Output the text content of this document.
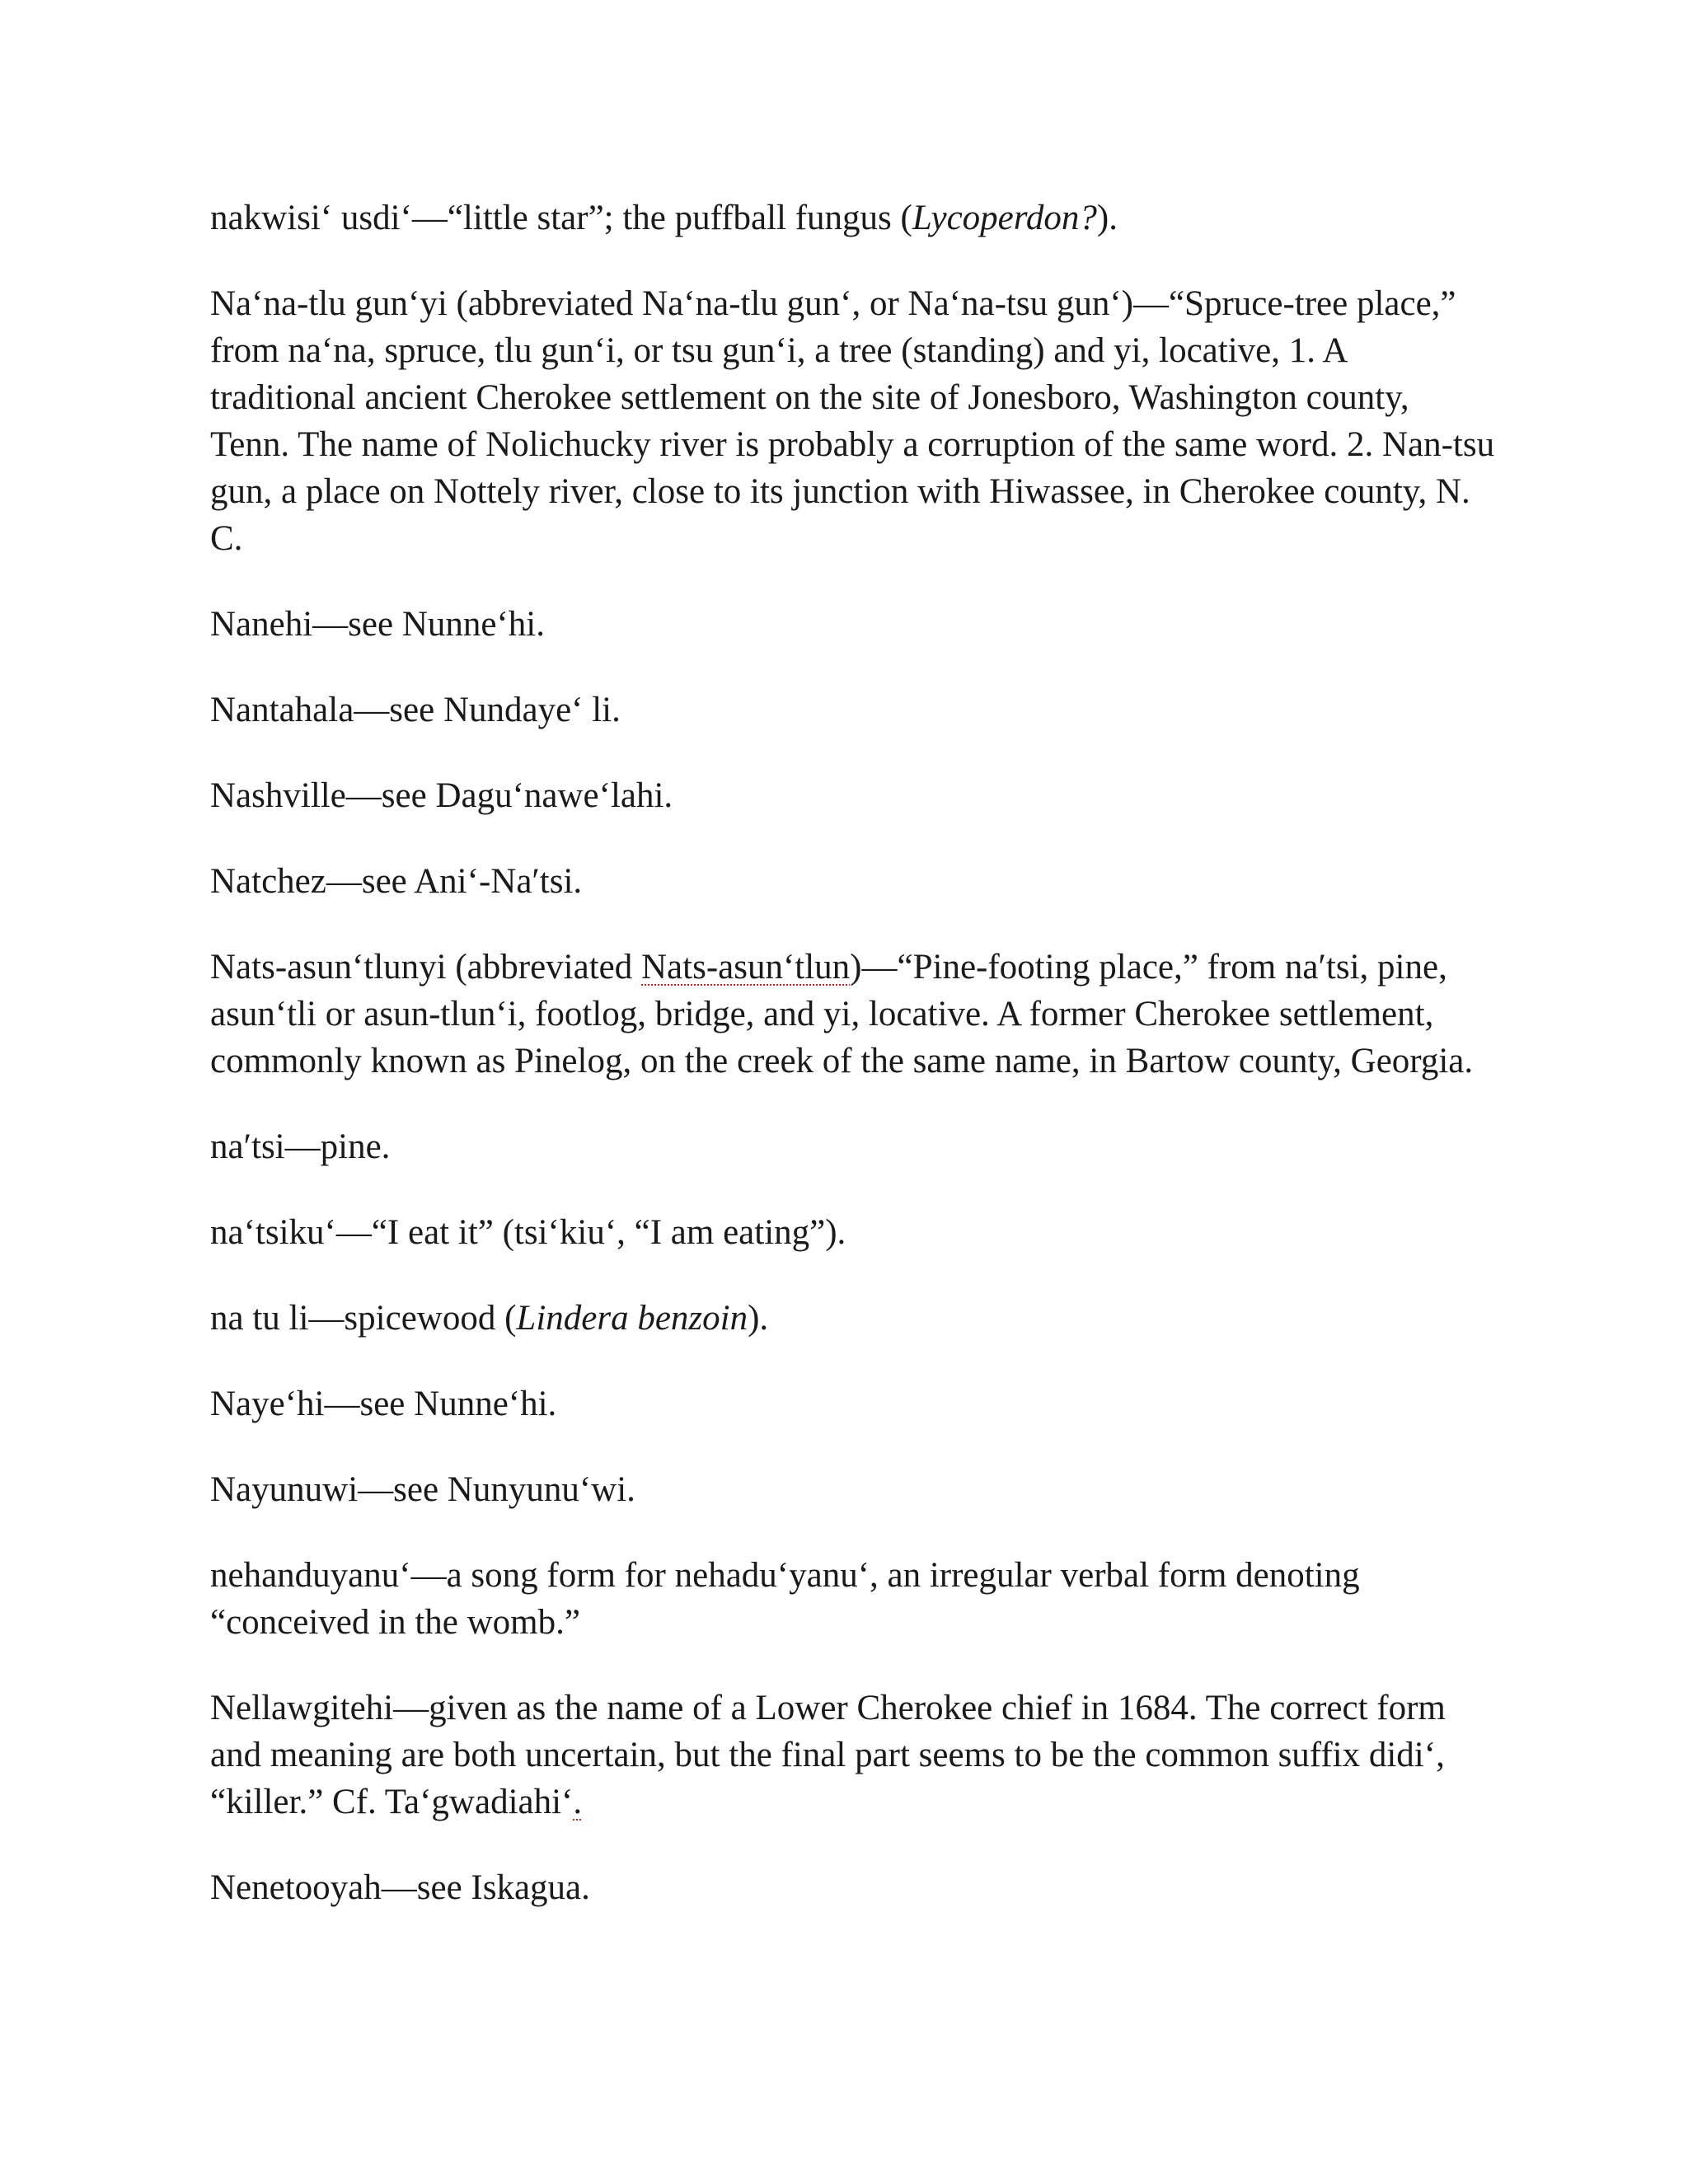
nakwisi‘ usdi‘—“little star”; the puffball fungus (Lycoperdon?).

Na‘na-tlu gun‘yi (abbreviated Na‘na-tlu gun‘, or Na‘na-tsu gun‘)—“Spruce-tree place,” from na‘na, spruce, tlu gun‘i, or tsu gun‘i, a tree (standing) and yi, locative, 1. A traditional ancient Cherokee settlement on the site of Jonesboro, Washington county, Tenn. The name of Nolichucky river is probably a corruption of the same word. 2. Nan-tsu gun, a place on Nottely river, close to its junction with Hiwassee, in Cherokee county, N. C.

Nanehi—see Nunne‘hi.

Nantahala—see Nundaye‘ li.

Nashville—see Dagu‘nawe‘lahi.

Natchez—see Ani‘-Na′tsi.

Nats-asun‘tlunyi (abbreviated Nats-asun‘tlun)—“Pine-footing place,” from na′tsi, pine, asun‘tli or asun-tlun‘i, footlog, bridge, and yi, locative. A former Cherokee settlement, commonly known as Pinelog, on the creek of the same name, in Bartow county, Georgia.

na′tsi—pine.

na‘tsiku‘—“I eat it” (tsi‘kiu‘, “I am eating”).

na tu li—spicewood (Lindera benzoin).

Naye‘hi—see Nunne‘hi.

Nayunuwi—see Nunyunu‘wi.

nehanduyanu‘—a song form for nehadu‘yanu‘, an irregular verbal form denoting “conceived in the womb.”

Nellawgitehi—given as the name of a Lower Cherokee chief in 1684. The correct form and meaning are both uncertain, but the final part seems to be the common suffix didi‘, “killer.” Cf. Ta‘gwadiahi‘.

Nenetooyah—see Iskagua.
